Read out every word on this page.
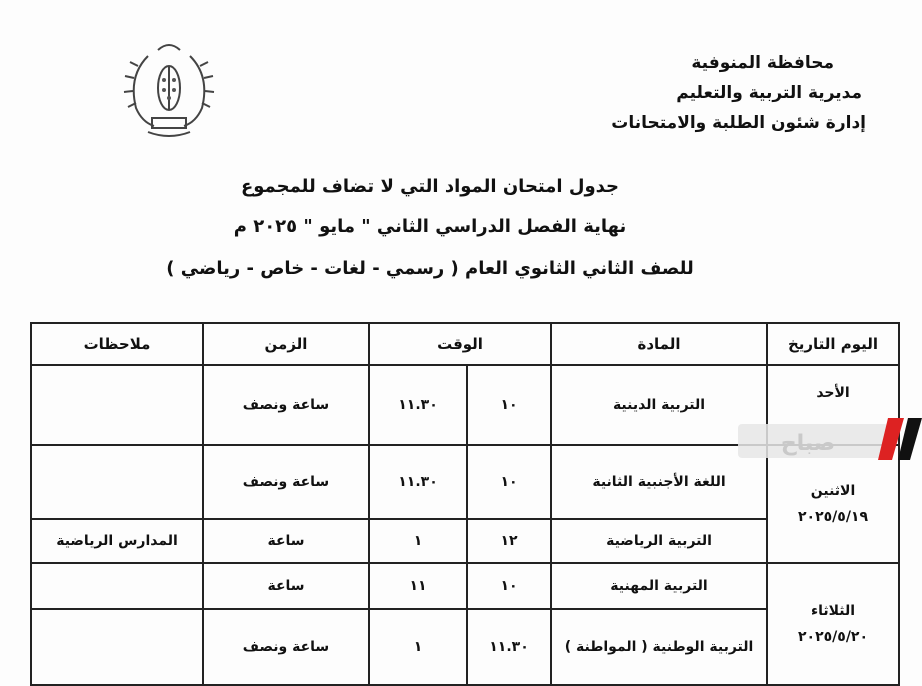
محافظة المنوفية
مديرية التربية والتعليم
إدارة شئون الطلبة والامتحانات
جدول امتحان المواد التي لا تضاف للمجموع
نهاية الفصل الدراسي الثاني " مايو " ٢٠٢٥ م
للصف الثاني الثانوي العام ( رسمي - لغات - خاص - رياضي )
اليوم التاريخ	المادة	الوقت		الزمن	ملاحظات

الأحد	التربية الدينية	١٠	١١.٣٠	ساعة ونصف	

الاثنين
٢٠٢٥/٥/١٩	اللغة الأجنبية الثانية	١٠	١١.٣٠	ساعة ونصف	
	التربية الرياضية	١٢	١	ساعة	المدارس الرياضية

الثلاثاء
٢٠٢٥/٥/٢٠	التربية المهنية	١٠	١١	ساعة	
	التربية الوطنية ( المواطنة )	١١.٣٠	١	ساعة ونصف	
صباح
